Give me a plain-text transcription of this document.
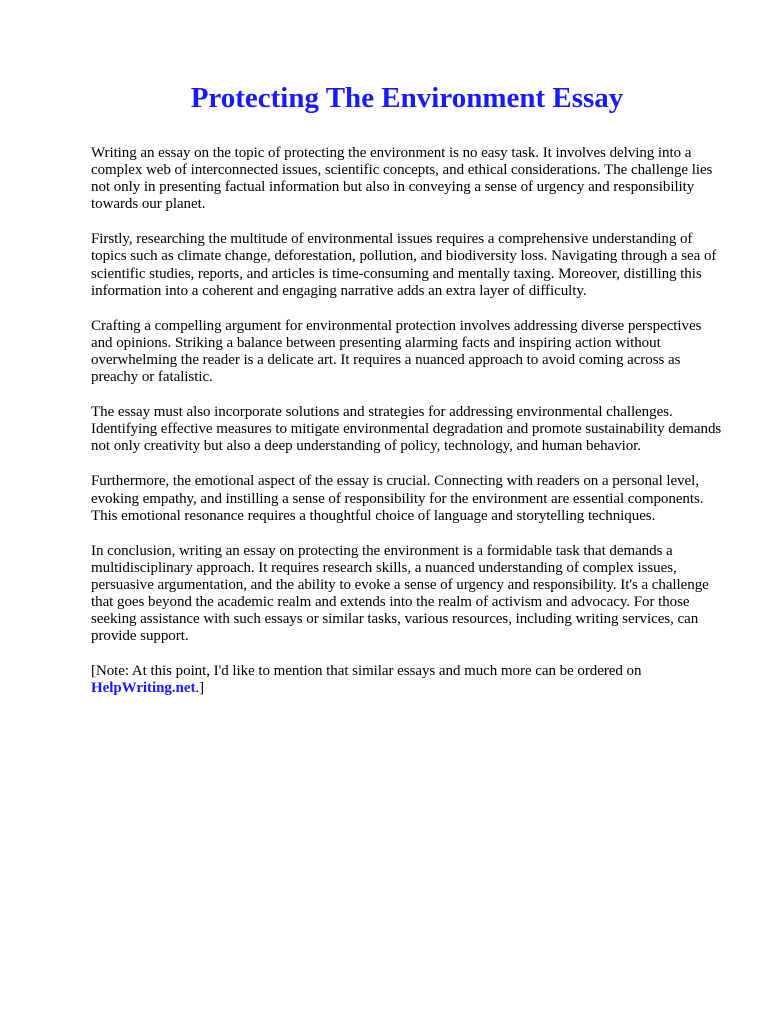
Protecting The Environment Essay

Writing an essay on the topic of protecting the environment is no easy task. It involves delving into a complex web of interconnected issues, scientific concepts, and ethical considerations. The challenge lies not only in presenting factual information but also in conveying a sense of urgency and responsibility towards our planet.

Firstly, researching the multitude of environmental issues requires a comprehensive understanding of topics such as climate change, deforestation, pollution, and biodiversity loss. Navigating through a sea of scientific studies, reports, and articles is time-consuming and mentally taxing. Moreover, distilling this information into a coherent and engaging narrative adds an extra layer of difficulty.

Crafting a compelling argument for environmental protection involves addressing diverse perspectives and opinions. Striking a balance between presenting alarming facts and inspiring action without overwhelming the reader is a delicate art. It requires a nuanced approach to avoid coming across as preachy or fatalistic.

The essay must also incorporate solutions and strategies for addressing environmental challenges. Identifying effective measures to mitigate environmental degradation and promote sustainability demands not only creativity but also a deep understanding of policy, technology, and human behavior.

Furthermore, the emotional aspect of the essay is crucial. Connecting with readers on a personal level, evoking empathy, and instilling a sense of responsibility for the environment are essential components. This emotional resonance requires a thoughtful choice of language and storytelling techniques.

In conclusion, writing an essay on protecting the environment is a formidable task that demands a multidisciplinary approach. It requires research skills, a nuanced understanding of complex issues, persuasive argumentation, and the ability to evoke a sense of urgency and responsibility. It's a challenge that goes beyond the academic realm and extends into the realm of activism and advocacy. For those seeking assistance with such essays or similar tasks, various resources, including writing services, can provide support.

[Note: At this point, I'd like to mention that similar essays and much more can be ordered on HelpWriting.net.]
